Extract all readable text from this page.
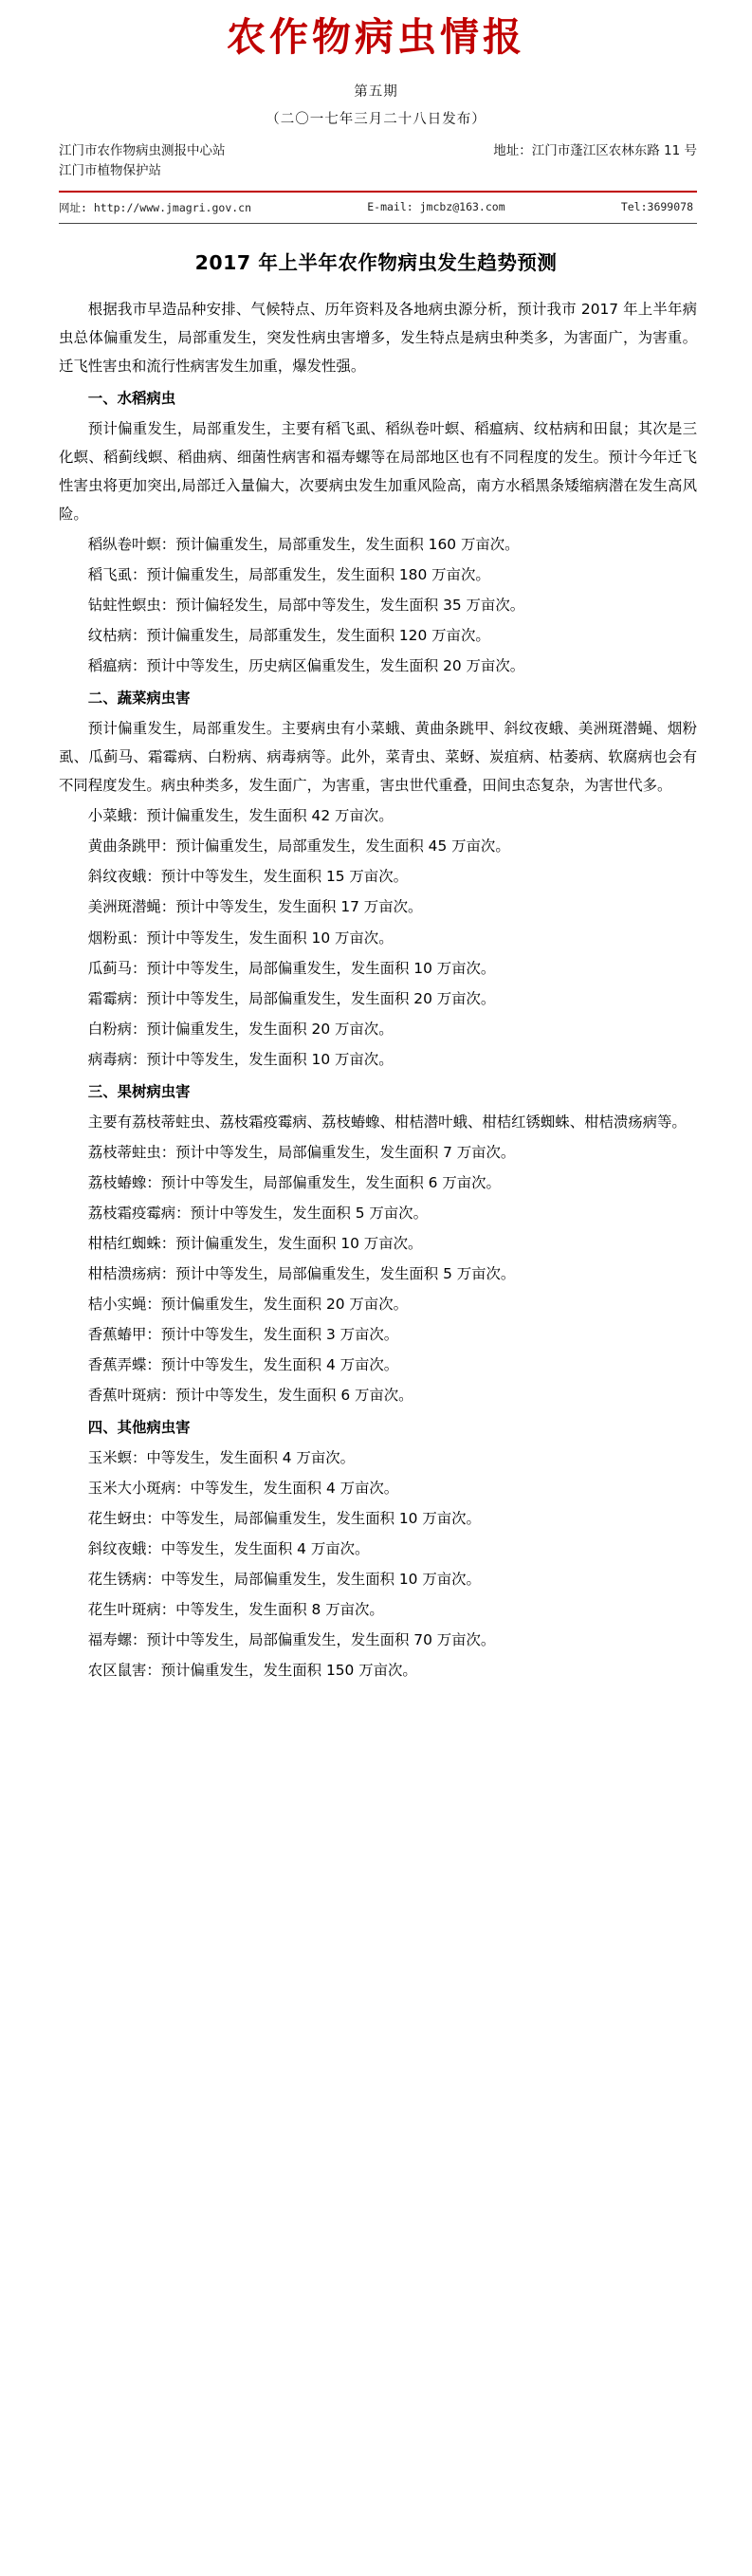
农作物病虫情报
第五期
（二〇一七年三月二十八日发布）
江门市农作物病虫测报中心站
江门市植物保护站
地址：江门市蓬江区农林东路 11 号
网址: http://www.jmagri.gov.cn	E-mail: jmcbz@163.com	Tel:3699078
2017 年上半年农作物病虫发生趋势预测

根据我市早造品种安排、气候特点、历年资料及各地病虫源分析，预计我市 2017 年上半年病虫总体偏重发生，局部重发生，突发性病虫害增多，发生特点是病虫种类多，为害面广，为害重。迁飞性害虫和流行性病害发生加重，爆发性强。

一、水稻病虫

预计偏重发生，局部重发生，主要有稻飞虱、稻纵卷叶螟、稻瘟病、纹枯病和田鼠；其次是三化螟、稻蓟线螟、稻曲病、细菌性病害和福寿螺等在局部地区也有不同程度的发生。预计今年迁飞性害虫将更加突出,局部迁入量偏大，次要病虫发生加重风险高，南方水稻黑条矮缩病潜在发生高风险。

稻纵卷叶螟：预计偏重发生，局部重发生，发生面积 160 万亩次。

稻飞虱：预计偏重发生，局部重发生，发生面积 180 万亩次。

钻蛀性螟虫：预计偏轻发生，局部中等发生，发生面积 35 万亩次。

纹枯病：预计偏重发生，局部重发生，发生面积 120 万亩次。

稻瘟病：预计中等发生，历史病区偏重发生，发生面积 20 万亩次。

二、蔬菜病虫害

预计偏重发生，局部重发生。主要病虫有小菜蛾、黄曲条跳甲、斜纹夜蛾、美洲斑潜蝇、烟粉虱、瓜蓟马、霜霉病、白粉病、病毒病等。此外，菜青虫、菜蚜、炭疽病、枯萎病、软腐病也会有不同程度发生。病虫种类多，发生面广，为害重，害虫世代重叠，田间虫态复杂，为害世代多。

小菜蛾：预计偏重发生，发生面积 42 万亩次。

黄曲条跳甲：预计偏重发生，局部重发生，发生面积 45 万亩次。

斜纹夜蛾：预计中等发生，发生面积 15 万亩次。

美洲斑潜蝇：预计中等发生，发生面积 17 万亩次。

烟粉虱：预计中等发生，发生面积 10 万亩次。

瓜蓟马：预计中等发生，局部偏重发生，发生面积 10 万亩次。

霜霉病：预计中等发生，局部偏重发生，发生面积 20 万亩次。

白粉病：预计偏重发生，发生面积 20 万亩次。

病毒病：预计中等发生，发生面积 10 万亩次。

三、果树病虫害

主要有荔枝蒂蛀虫、荔枝霜疫霉病、荔枝蝽蟓、柑桔潜叶蛾、柑桔红锈蜘蛛、柑桔溃疡病等。

荔枝蒂蛀虫：预计中等发生，局部偏重发生，发生面积 7 万亩次。

荔枝蝽蟓：预计中等发生，局部偏重发生，发生面积 6 万亩次。

荔枝霜疫霉病：预计中等发生，发生面积 5 万亩次。

柑桔红蜘蛛：预计偏重发生，发生面积 10 万亩次。

柑桔溃疡病：预计中等发生，局部偏重发生，发生面积 5 万亩次。

桔小实蝇：预计偏重发生，发生面积 20 万亩次。

香蕉蝽甲：预计中等发生，发生面积 3 万亩次。

香蕉弄蝶：预计中等发生，发生面积 4 万亩次。

香蕉叶斑病：预计中等发生，发生面积 6 万亩次。

四、其他病虫害

玉米螟：中等发生，发生面积 4 万亩次。

玉米大小斑病：中等发生，发生面积 4 万亩次。

花生蚜虫：中等发生，局部偏重发生，发生面积 10 万亩次。

斜纹夜蛾：中等发生，发生面积 4 万亩次。

花生锈病：中等发生，局部偏重发生，发生面积 10 万亩次。

花生叶斑病：中等发生，发生面积 8 万亩次。

福寿螺：预计中等发生，局部偏重发生，发生面积 70 万亩次。

农区鼠害：预计偏重发生，发生面积 150 万亩次。
